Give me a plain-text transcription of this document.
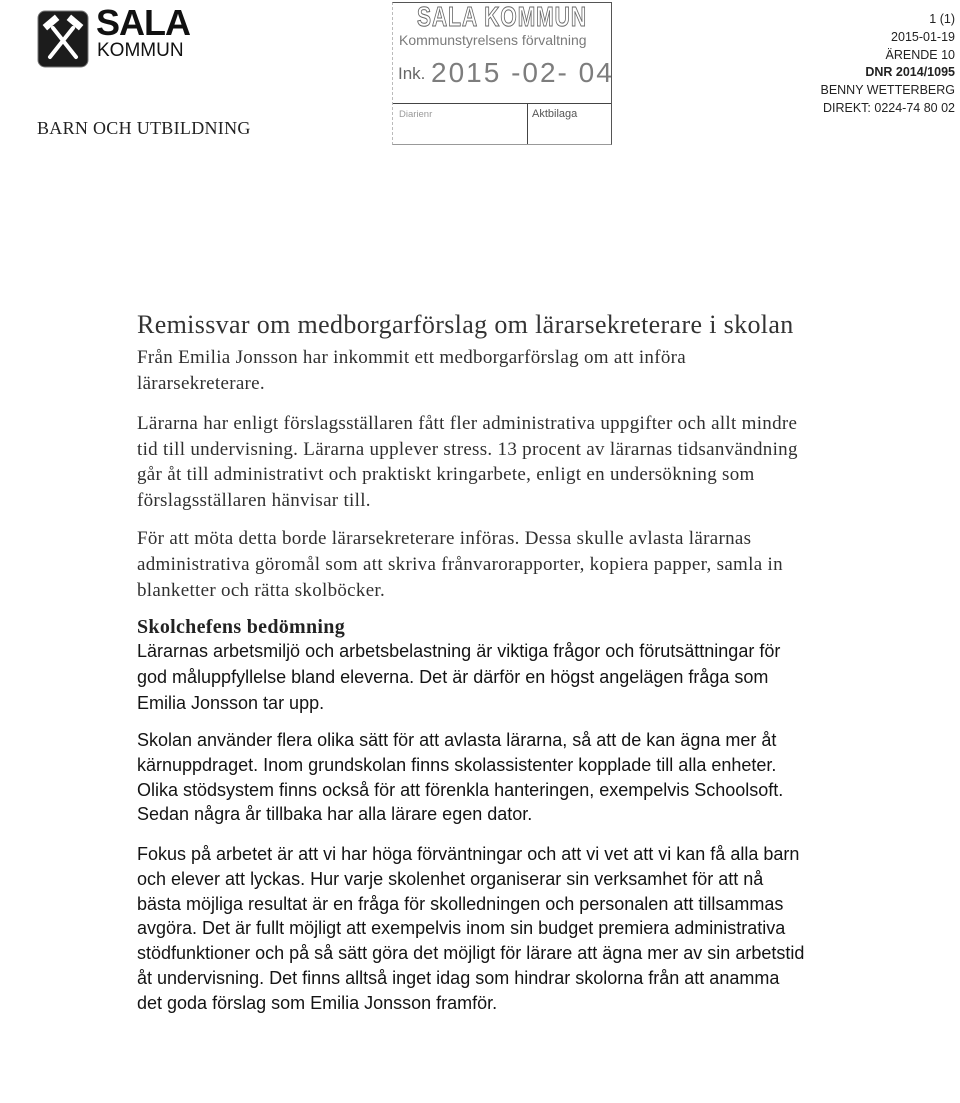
SALA
KOMMUN
BARN OCH UTBILDNING
SALA KOMMUN
Kommunstyrelsens förvaltning
Ink. 2015 -02- 04
Diarienr	Aktbilaga
1 (1)
2015-01-19
ÄRENDE 10
DNR 2014/1095
BENNY WETTERBERG
DIREKT: 0224-74 80 02
Remissvar om medborgarförslag om lärarsekreterare i skolan
Från Emilia Jonsson har inkommit ett medborgarförslag om att införa
lärarsekreterare.
Lärarna har enligt förslagsställaren fått fler administrativa uppgifter och allt mindre
tid till undervisning. Lärarna upplever stress. 13 procent av lärarnas tidsanvändning
går åt till administrativt och praktiskt kringarbete, enligt en undersökning som
förslagsställaren hänvisar till.
För att möta detta borde lärarsekreterare införas. Dessa skulle avlasta lärarnas
administrativa göromål som att skriva frånvarorapporter, kopiera papper, samla in
blanketter och rätta skolböcker.
Skolchefens bedömning
Lärarnas arbetsmiljö och arbetsbelastning är viktiga frågor och förutsättningar för
god måluppfyllelse bland eleverna. Det är därför en högst angelägen fråga som
Emilia Jonsson tar upp.
Skolan använder flera olika sätt för att avlasta lärarna, så att de kan ägna mer åt
kärnuppdraget. Inom grundskolan finns skolassistenter kopplade till alla enheter.
Olika stödsystem finns också för att förenkla hanteringen, exempelvis Schoolsoft.
Sedan några år tillbaka har alla lärare egen dator.
Fokus på arbetet är att vi har höga förväntningar och att vi vet att vi kan få alla barn
och elever att lyckas. Hur varje skolenhet organiserar sin verksamhet för att nå
bästa möjliga resultat är en fråga för skolledningen och personalen att tillsammas
avgöra. Det är fullt möjligt att exempelvis inom sin budget premiera administrativa
stödfunktioner och på så sätt göra det möjligt för lärare att ägna mer av sin arbetstid
åt undervisning. Det finns alltså inget idag som hindrar skolorna från att anamma
det goda förslag som Emilia Jonsson framför.
